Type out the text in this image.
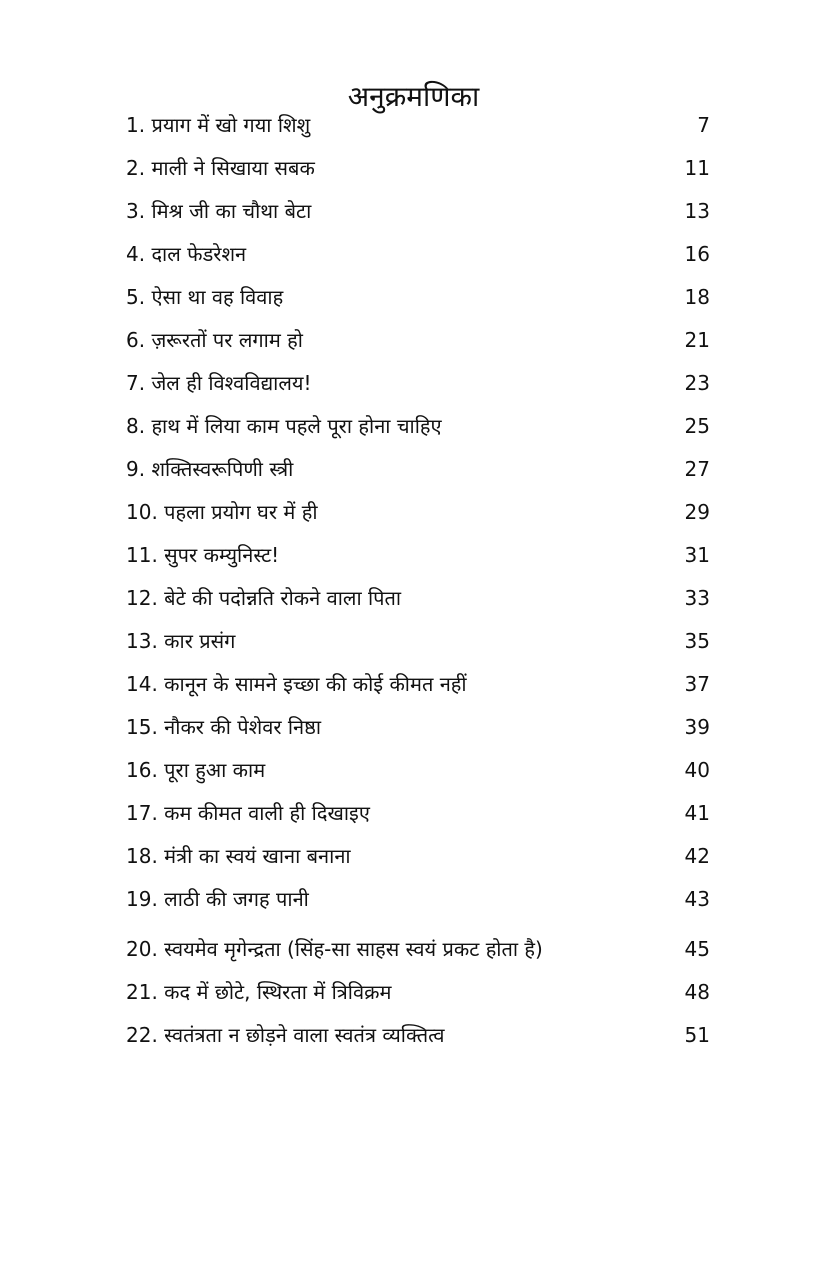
अनुक्रमणिका
1. प्रयाग में खो गया शिशु	7
2. माली ने सिखाया सबक	11
3. मिश्र जी का चौथा बेटा	13
4. दाल फेडरेशन	16
5. ऐसा था वह विवाह	18
6. ज़रूरतों पर लगाम हो	21
7. जेल ही विश्वविद्यालय!	23
8. हाथ में लिया काम पहले पूरा होना चाहिए	25
9. शक्तिस्वरूपिणी स्त्री	27
10. पहला प्रयोग घर में ही	29
11. सुपर कम्युनिस्ट!	31
12. बेटे की पदोन्नति रोकने वाला पिता	33
13. कार प्रसंग	35
14. कानून के सामने इच्छा की कोई कीमत नहीं	37
15. नौकर की पेशेवर निष्ठा	39
16. पूरा हुआ काम	40
17. कम कीमत वाली ही दिखाइए	41
18. मंत्री का स्वयं खाना बनाना	42
19. लाठी की जगह पानी	43
20. स्वयमेव मृगेन्द्रता (सिंह-सा साहस स्वयं प्रकट होता है)	45
21. कद में छोटे, स्थिरता में त्रिविक्रम	48
22. स्वतंत्रता न छोड़ने वाला स्वतंत्र व्यक्तित्व	51
